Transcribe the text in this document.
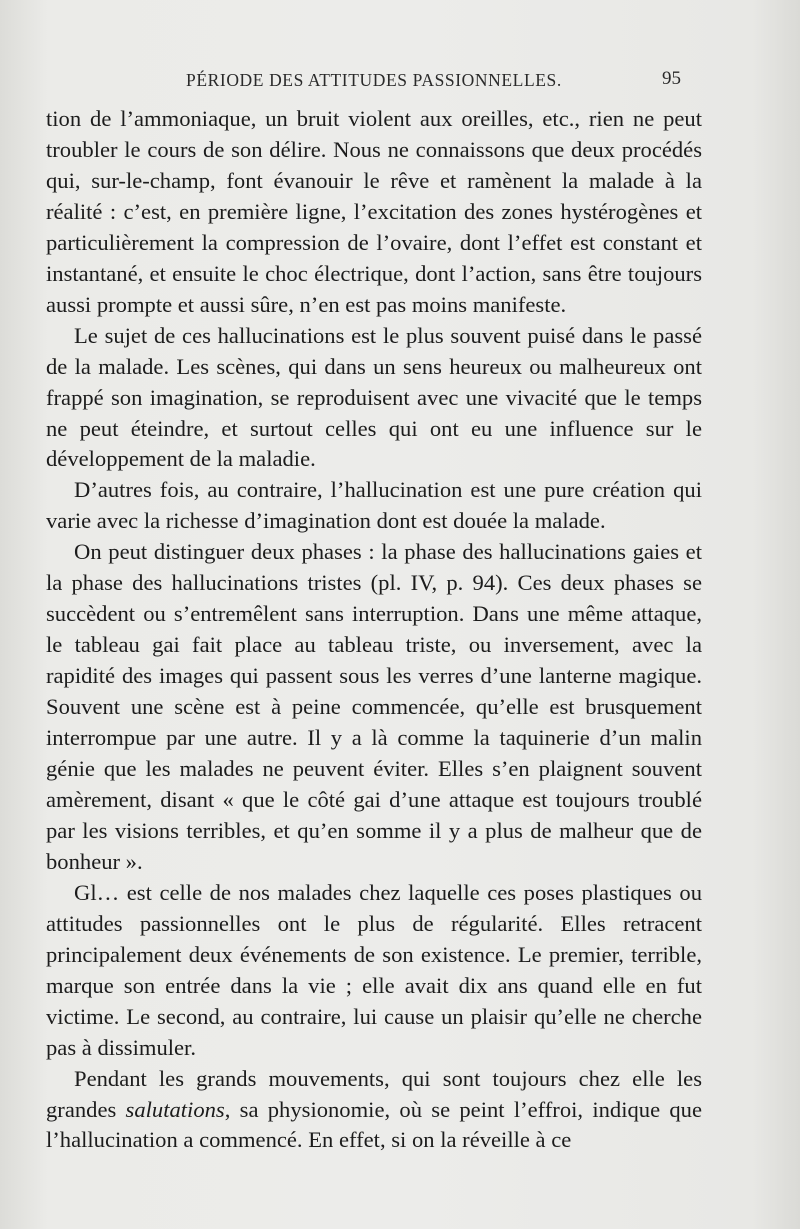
PÉRIODE DES ATTITUDES PASSIONNELLES.	95

tion de l’ammoniaque, un bruit violent aux oreilles, etc., rien ne peut troubler le cours de son délire. Nous ne connaissons que deux procédés qui, sur-le-champ, font évanouir le rêve et ramènent la malade à la réalité : c’est, en première ligne, l’excitation des zones hystérogènes et particulièrement la compression de l’ovaire, dont l’effet est constant et instantané, et ensuite le choc électrique, dont l’action, sans être toujours aussi prompte et aussi sûre, n’en est pas moins manifeste.

Le sujet de ces hallucinations est le plus souvent puisé dans le passé de la malade. Les scènes, qui dans un sens heureux ou malheureux ont frappé son imagination, se reproduisent avec une vivacité que le temps ne peut éteindre, et surtout celles qui ont eu une influence sur le développement de la maladie.

D’autres fois, au contraire, l’hallucination est une pure création qui varie avec la richesse d’imagination dont est douée la malade.

On peut distinguer deux phases : la phase des hallucinations gaies et la phase des hallucinations tristes (pl. IV, p. 94). Ces deux phases se succèdent ou s’entremêlent sans interruption. Dans une même attaque, le tableau gai fait place au tableau triste, ou inversement, avec la rapidité des images qui passent sous les verres d’une lanterne magique. Souvent une scène est à peine commencée, qu’elle est brusquement interrompue par une autre. Il y a là comme la taquinerie d’un malin génie que les malades ne peuvent éviter. Elles s’en plaignent souvent amèrement, disant « que le côté gai d’une attaque est toujours troublé par les visions terribles, et qu’en somme il y a plus de malheur que de bonheur ».

Gl… est celle de nos malades chez laquelle ces poses plastiques ou attitudes passionnelles ont le plus de régularité. Elles retracent principalement deux événements de son existence. Le premier, terrible, marque son entrée dans la vie ; elle avait dix ans quand elle en fut victime. Le second, au contraire, lui cause un plaisir qu’elle ne cherche pas à dissimuler.

Pendant les grands mouvements, qui sont toujours chez elle les grandes salutations, sa physionomie, où se peint l’effroi, indique que l’hallucination a commencé. En effet, si on la réveille à ce
